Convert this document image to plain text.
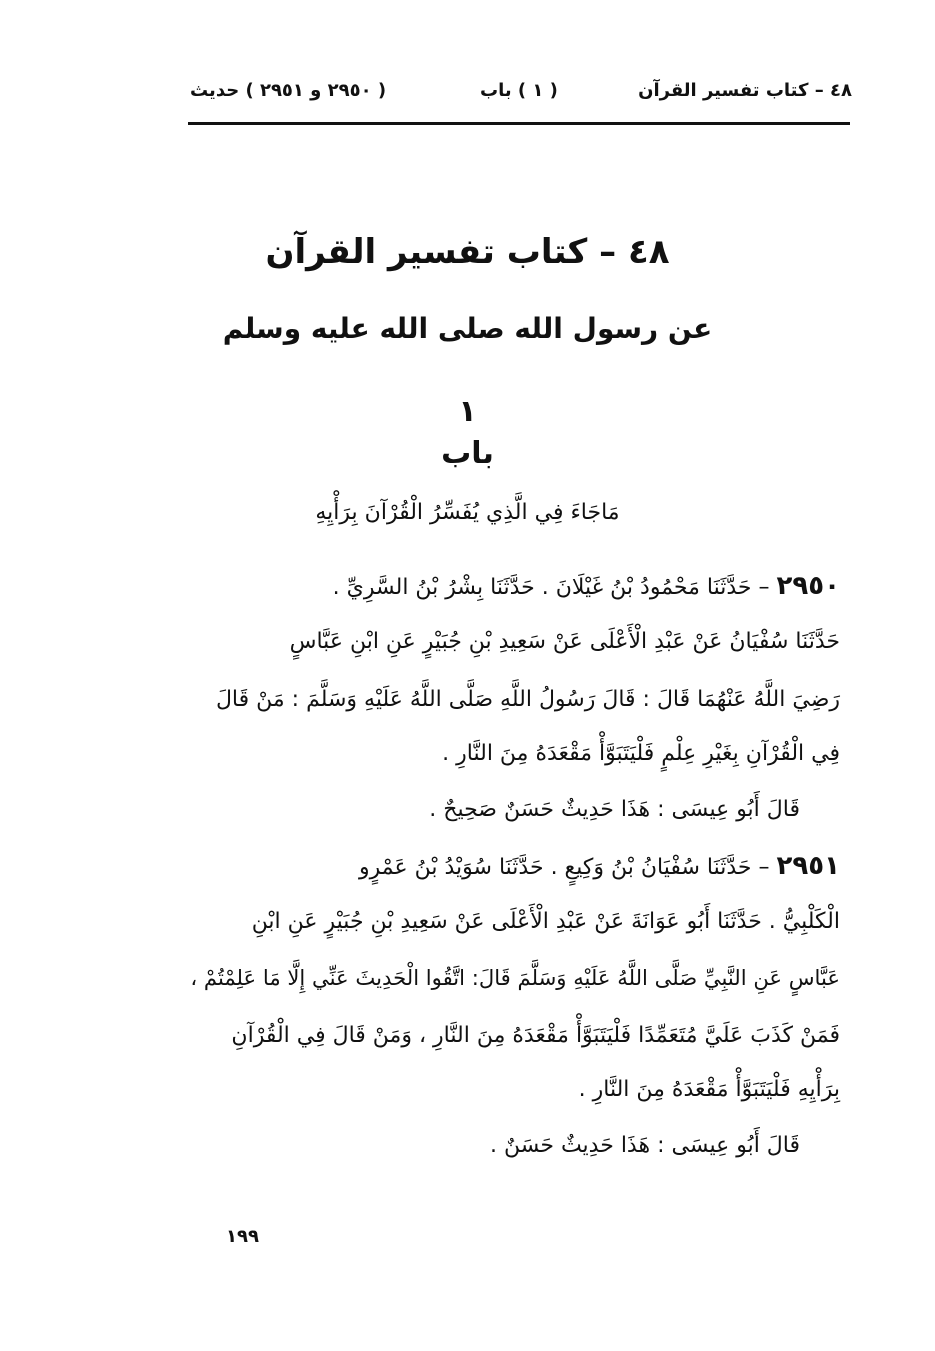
٤٨ – كتاب تفسير القرآن
( ١ ) باب
( ٢٩٥٠ و ٢٩٥١ ) حديث
٤٨ – كتاب تفسير القرآن
عن رسول الله صلى الله عليه وسلم
١
باب
مَاجَاءَ فِي الَّذِي يُفَسِّرُ الْقُرْآنَ بِرَأْيِهِ
٢٩٥٠ – حَدَّثَنَا مَحْمُودُ بْنُ غَيْلَانَ . حَدَّثَنَا بِشْرُ بْنُ السَّرِيِّ .
حَدَّثَنَا سُفْيَانُ عَنْ عَبْدِ الْأَعْلَى عَنْ سَعِيدِ بْنِ جُبَيْرٍ عَنِ ابْنِ عَبَّاسٍ
رَضِيَ اللَّهُ عَنْهُمَا قَالَ : قَالَ رَسُولُ اللَّهِ صَلَّى اللَّهُ عَلَيْهِ وَسَلَّمَ : مَنْ قَالَ
فِي الْقُرْآنِ بِغَيْرِ عِلْمٍ فَلْيَتَبَوَّأْ مَقْعَدَهُ مِنَ النَّارِ .
قَالَ أَبُو عِيسَى : هَذَا حَدِيثٌ حَسَنٌ صَحِيحٌ .
٢٩٥١ – حَدَّثَنَا سُفْيَانُ بْنُ وَكِيعٍ . حَدَّثَنَا سُوَيْدُ بْنُ عَمْرٍو
الْكَلْبِيُّ . حَدَّثَنَا أَبُو عَوَانَةَ عَنْ عَبْدِ الْأَعْلَى عَنْ سَعِيدِ بْنِ جُبَيْرٍ عَنِ ابْنِ
عَبَّاسٍ عَنِ النَّبِيِّ صَلَّى اللَّهُ عَلَيْهِ وَسَلَّمَ قَالَ: اتَّقُوا الْحَدِيثَ عَنِّي إِلَّا مَا عَلِمْتُمْ ،
فَمَنْ كَذَبَ عَلَيَّ مُتَعَمِّدًا فَلْيَتَبَوَّأْ مَقْعَدَهُ مِنَ النَّارِ ، وَمَنْ قَالَ فِي الْقُرْآنِ
بِرَأْيِهِ فَلْيَتَبَوَّأْ مَقْعَدَهُ مِنَ النَّارِ .
قَالَ أَبُو عِيسَى : هَذَا حَدِيثٌ حَسَنٌ .
١٩٩
